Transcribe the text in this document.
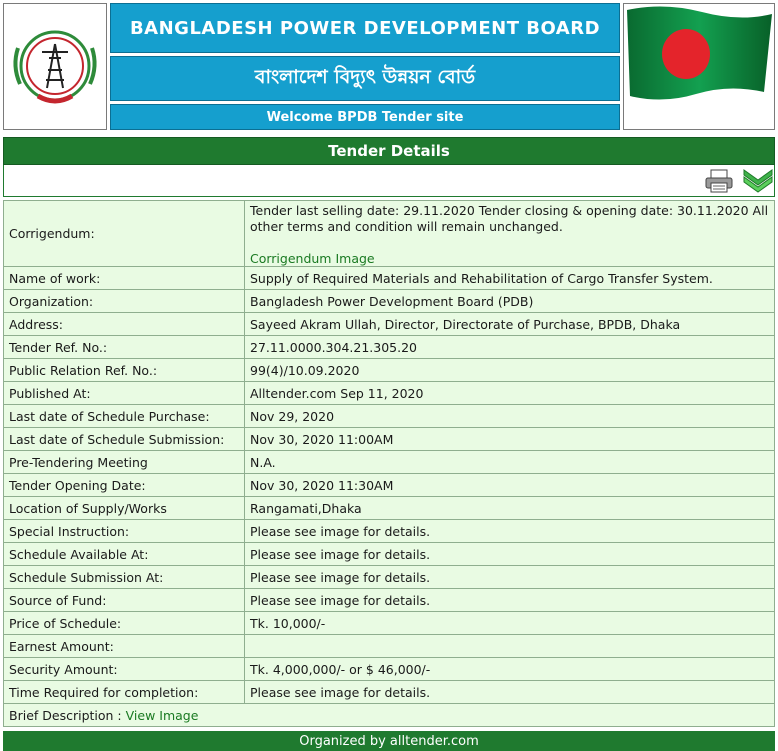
BANGLADESH POWER DEVELOPMENT BOARD
বাংলাদেশ বিদ্যুৎ উন্নয়ন বোর্ড
Welcome BPDB Tender site
Tender Details
Corrigendum:	Tender last selling date: 29.11.2020 Tender closing & opening date: 30.11.2020 All other terms and condition will remain unchanged.
Corrigendum Image
Name of work:	Supply of Required Materials and Rehabilitation of Cargo Transfer System.
Organization:	Bangladesh Power Development Board (PDB)
Address:	Sayeed Akram Ullah, Director, Directorate of Purchase, BPDB, Dhaka
Tender Ref. No.:	27.11.0000.304.21.305.20
Public Relation Ref. No.:	99(4)/10.09.2020
Published At:	Alltender.com Sep 11, 2020
Last date of Schedule Purchase:	Nov 29, 2020
Last date of Schedule Submission:	Nov 30, 2020 11:00AM
Pre-Tendering Meeting	N.A.
Tender Opening Date:	Nov 30, 2020 11:30AM
Location of Supply/Works	Rangamati,Dhaka
Special Instruction:	Please see image for details.
Schedule Available At:	Please see image for details.
Schedule Submission At:	Please see image for details.
Source of Fund:	Please see image for details.
Price of Schedule:	Tk. 10,000/-
Earnest Amount:	
Security Amount:	Tk. 4,000,000/- or $ 46,000/-
Time Required for completion:	Please see image for details.
Brief Description : View Image	
Organized by alltender.com
